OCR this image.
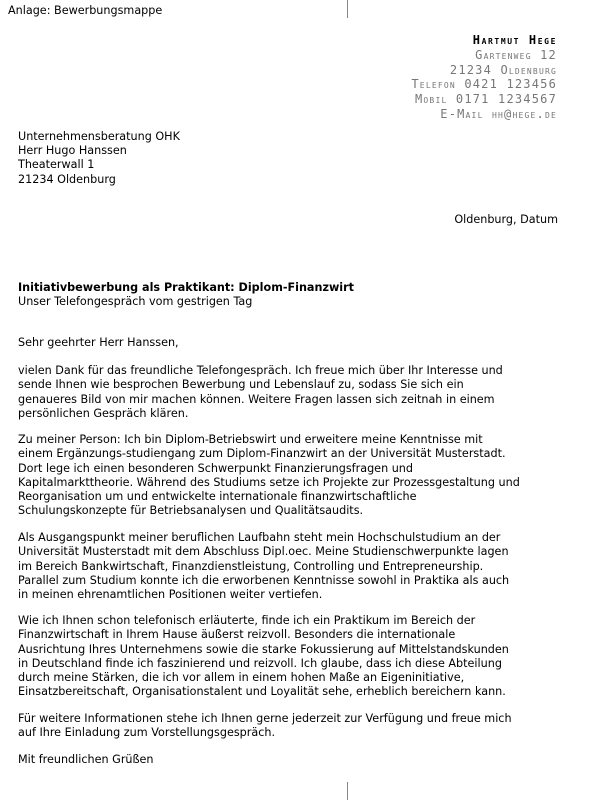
Anlage: Bewerbungsmappe
Hartmut Hege
Gartenweg 12
21234 Oldenburg
Telefon 0421 123456
Mobil 0171 1234567
E-Mail hh@hege.de
Unternehmensberatung OHK
Herr Hugo Hanssen
Theaterwall 1
21234 Oldenburg
Oldenburg, Datum
Initiativbewerbung als Praktikant: Diplom-Finanzwirt
Unser Telefongespräch vom gestrigen Tag
Sehr geehrter Herr Hanssen,
vielen Dank für das freundliche Telefongespräch. Ich freue mich über Ihr Interesse und
sende Ihnen wie besprochen Bewerbung und Lebenslauf zu, sodass Sie sich ein
genaueres Bild von mir machen können. Weitere Fragen lassen sich zeitnah in einem
persönlichen Gespräch klären.
Zu meiner Person: Ich bin Diplom-Betriebswirt und erweitere meine Kenntnisse mit
einem Ergänzungs-studiengang zum Diplom-Finanzwirt an der Universität Musterstadt.
Dort lege ich einen besonderen Schwerpunkt Finanzierungsfragen und
Kapitalmarkttheorie. Während des Studiums setze ich Projekte zur Prozessgestaltung und
Reorganisation um und entwickelte internationale finanzwirtschaftliche
Schulungskonzepte für Betriebsanalysen und Qualitätsaudits.
Als Ausgangspunkt meiner beruflichen Laufbahn steht mein Hochschulstudium an der
Universität Musterstadt mit dem Abschluss Dipl.oec. Meine Studienschwerpunkte lagen
im Bereich Bankwirtschaft, Finanzdienstleistung, Controlling und Entrepreneurship.
Parallel zum Studium konnte ich die erworbenen Kenntnisse sowohl in Praktika als auch
in meinen ehrenamtlichen Positionen weiter vertiefen.
Wie ich Ihnen schon telefonisch erläuterte, finde ich ein Praktikum im Bereich der
Finanzwirtschaft in Ihrem Hause äußerst reizvoll. Besonders die internationale
Ausrichtung Ihres Unternehmens sowie die starke Fokussierung auf Mittelstandskunden
in Deutschland finde ich faszinierend und reizvoll. Ich glaube, dass ich diese Abteilung
durch meine Stärken, die ich vor allem in einem hohen Maße an Eigeninitiative,
Einsatzbereitschaft, Organisationstalent und Loyalität sehe, erheblich bereichern kann.
Für weitere Informationen stehe ich Ihnen gerne jederzeit zur Verfügung und freue mich
auf Ihre Einladung zum Vorstellungsgespräch.
Mit freundlichen Grüßen
